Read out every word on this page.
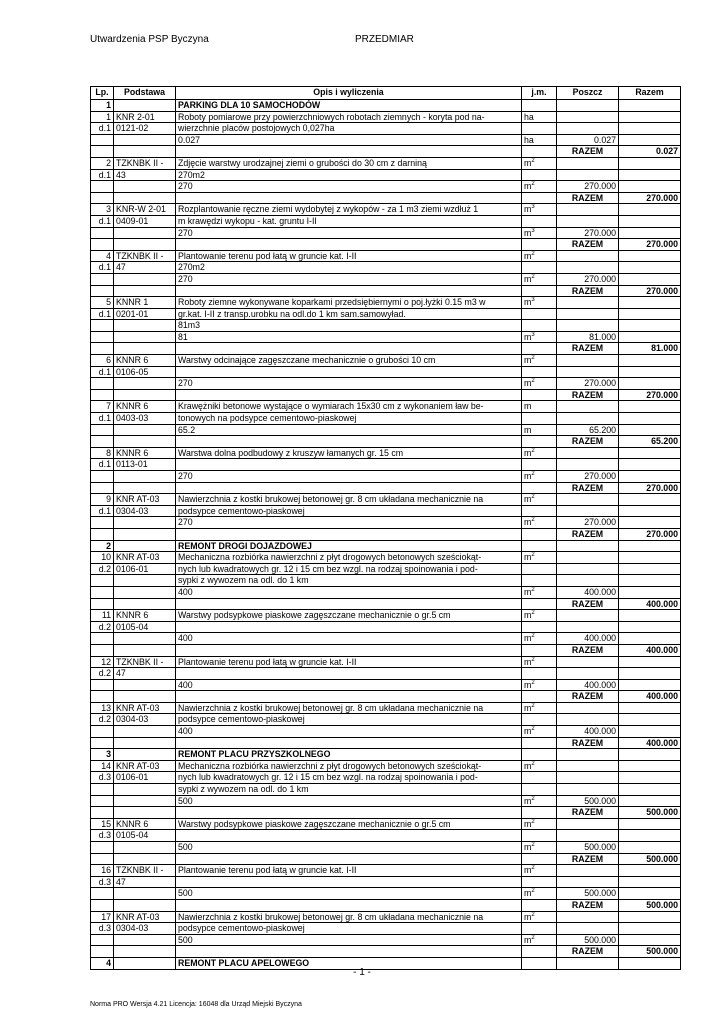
Utwardzenia PSP Byczyna	PRZEDMIAR
Lp.	Podstawa	Opis i wyliczenia	j.m.	Poszcz	Razem
1		PARKING DLA 10 SAMOCHODÓW			
1	KNR 2-01	Roboty pomiarowe przy powierzchniowych robotach ziemnych - koryta pod na-	ha		
d.1	0121-02	wierzchnie placów postojowych 0,027ha			
		0.027	ha	0.027	
				RAZEM	0.027
2	TZKNBK II -	Zdjęcie warstwy urodzajnej ziemi o grubości do 30 cm z darniną	$m^2$		
d.1	43	270m2			
		270	$m^2$	270.000	
				RAZEM	270.000
3	KNR-W 2-01	Rozplantowanie ręczne ziemi wydobytej z wykopów - za 1 m3 ziemi wzdłuż 1	$m^3$		
d.1	0409-01	m krawędzi wykopu - kat. gruntu I-II			
		270	$m^3$	270.000	
				RAZEM	270.000
4	TZKNBK II -	Plantowanie terenu pod łatą w gruncie kat. I-II	$m^2$		
d.1	47	270m2			
		270	$m^2$	270.000	
				RAZEM	270.000
5	KNNR 1	Roboty ziemne wykonywane koparkami przedsiębiernymi o poj.łyżki 0.15 m3 w	$m^3$		
d.1	0201-01	gr.kat. I-II z transp.urobku na odl.do 1 km sam.samowyład.			
		81m3			
		81	$m^3$	81.000	
				RAZEM	81.000
6	KNNR 6	Warstwy odcinające zagęszczane mechanicznie o grubości 10 cm	$m^2$		
d.1	0106-05				
		270	$m^2$	270.000	
				RAZEM	270.000
7	KNNR 6	Krawężniki betonowe wystające o wymiarach 15x30 cm z wykonaniem ław be-	m		
d.1	0403-03	tonowych na podsypce cementowo-piaskowej			
		65.2	m	65.200	
				RAZEM	65.200
8	KNNR 6	Warstwa dolna podbudowy z kruszyw łamanych gr. 15 cm	$m^2$		
d.1	0113-01				
		270	$m^2$	270.000	
				RAZEM	270.000
9	KNR AT-03	Nawierzchnia z kostki brukowej betonowej gr. 8 cm układana mechanicznie na	$m^2$		
d.1	0304-03	podsypce cementowo-piaskowej			
		270	$m^2$	270.000	
				RAZEM	270.000
2		REMONT DROGI DOJAZDOWEJ			
10	KNR AT-03	Mechaniczna rozbiórka nawierzchni z płyt drogowych betonowych sześciokąt-	$m^2$		
d.2	0106-01	nych lub kwadratowych gr. 12 i 15 cm bez wzgl. na rodzaj spoinowania i pod-			
		sypki z wywozem na odl. do 1 km			
		400	$m^2$	400.000	
				RAZEM	400.000
11	KNNR 6	Warstwy podsypkowe piaskowe zagęszczane mechanicznie o gr.5 cm	$m^2$		
d.2	0105-04				
		400	$m^2$	400.000	
				RAZEM	400.000
12	TZKNBK II -	Plantowanie terenu pod łatą w gruncie kat. I-II	$m^2$		
d.2	47				
		400	$m^2$	400.000	
				RAZEM	400.000
13	KNR AT-03	Nawierzchnia z kostki brukowej betonowej gr. 8 cm układana mechanicznie na	$m^2$		
d.2	0304-03	podsypce cementowo-piaskowej			
		400	$m^2$	400.000	
				RAZEM	400.000
3		REMONT PLACU PRZYSZKOLNEGO			
14	KNR AT-03	Mechaniczna rozbiórka nawierzchni z płyt drogowych betonowych sześciokąt-	$m^2$		
d.3	0106-01	nych lub kwadratowych gr. 12 i 15 cm bez wzgl. na rodzaj spoinowania i pod-			
		sypki z wywozem na odl. do 1 km			
		500	$m^2$	500.000	
				RAZEM	500.000
15	KNNR 6	Warstwy podsypkowe piaskowe zagęszczane mechanicznie o gr.5 cm	$m^2$		
d.3	0105-04				
		500	$m^2$	500.000	
				RAZEM	500.000
16	TZKNBK II -	Plantowanie terenu pod łatą w gruncie kat. I-II	$m^2$		
d.3	47				
		500	$m^2$	500.000	
				RAZEM	500.000
17	KNR AT-03	Nawierzchnia z kostki brukowej betonowej gr. 8 cm układana mechanicznie na	$m^2$		
d.3	0304-03	podsypce cementowo-piaskowej			
		500	$m^2$	500.000	
				RAZEM	500.000
4		REMONT PLACU APELOWEGO			
- 1 -
Norma PRO Wersja 4.21 Licencja: 16048 dla Urząd Miejski Byczyna
